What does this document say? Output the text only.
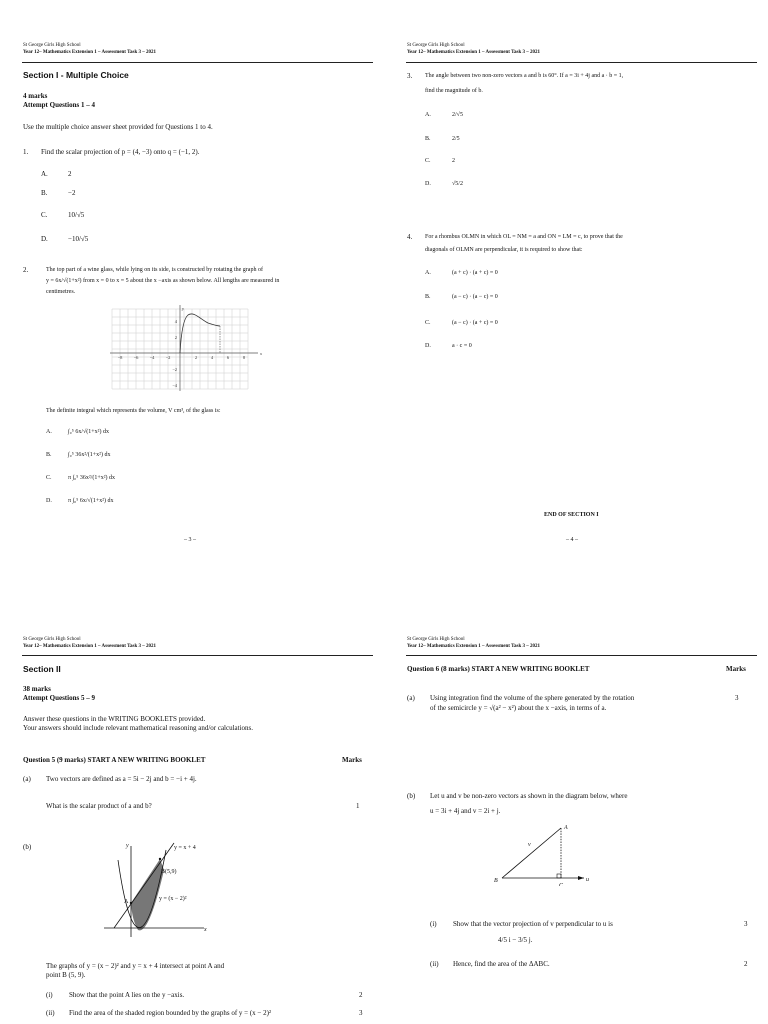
St George Girls High School
Year 12– Mathematics Extension 1 – Assessment Task 3 – 2021
Section I - Multiple Choice
4 marks
Attempt Questions 1 – 4
Use the multiple choice answer sheet provided for Questions 1 to 4.
1. Find the scalar projection of p = (4, −3) onto q = (−1, 2).
A.	2
B.	−2
C.	10/√5
D.	−10/√5
2.	The top part of a wine glass, while lying on its side, is constructed by rotating the graph of
y = 6x/√(1+x²) from x = 0 to x = 5 about the x −axis as shown below. All lengths are measured in
centimetres.
−8 −6 −4 −2	2	4	6	8
4
2
−2
−4
x
y
The definite integral which represents the volume, V cm³, of the glass is:
A.	∫₀⁵ 6x/√(1+x²) dx
B.	∫₀⁵ 36x²/(1+x²) dx
C.	π ∫₀⁵ 36x²/(1+x²) dx
D.	π ∫₀⁵ 6x/√(1+x²) dx
St George Girls High School
Year 12– Mathematics Extension 1 – Assessment Task 3 – 2021
3. The angle between two non-zero vectors a and b is 60°. If a = 3i + 4j and a · b = 1,
find the magnitude of b.
A.	2/√5
B.	2/5
C.	2
D.	√5/2
4. For a rhombus OLMN in which OL = NM = a and ON = LM = c, to prove that the
diagonals of OLMN are perpendicular, it is required to show that:
A.	(a + c) · (a + c) = 0
B.	(a − c) · (a − c) = 0
C.	(a − c) · (a + c) = 0
D.	a · c = 0
END OF SECTION I
– 4 –
– 3 –
St George Girls High School
Year 12– Mathematics Extension 1 – Assessment Task 3 – 2021
Section II
38 marks
Attempt Questions 5 – 9
Answer these questions in the WRITING BOOKLETS provided.
Your answers should include relevant mathematical reasoning and/or calculations.
Question 5 (9 marks) START A NEW WRITING BOOKLET	Marks
(a) Two vectors are defined as a = 5i − 2j and b = −i + 4j.
What is the scalar product of a and b?	1
(b)	y = x + 4
y = (x − 2)²
B(5,9)
A
x
y
The graphs of y = (x − 2)² and y = x + 4 intersect at point A and
point B (5, 9).
(i) Show that the point A lies on the y −axis.	2
(ii) Find the area of the shaded region bounded by the graphs of y = (x − 2)²	3
St George Girls High School
Year 12– Mathematics Extension 1 – Assessment Task 3 – 2021
Question 6 (8 marks) START A NEW WRITING BOOKLET	Marks
(a) Using integration find the volume of the sphere generated by the rotation
of the semicircle y = √(a² − x²) about the x −axis, in terms of a.
3
(b) Let u and v be non-zero vectors as shown in the diagram below, where
u = 3i + 4j and v = 2i + j.
A
B
C
u
v
(i) Show that the vector projection of v perpendicular to u is	3
4/5 i − 3/5 j.
(ii) Hence, find the area of the ΔABC.	2
